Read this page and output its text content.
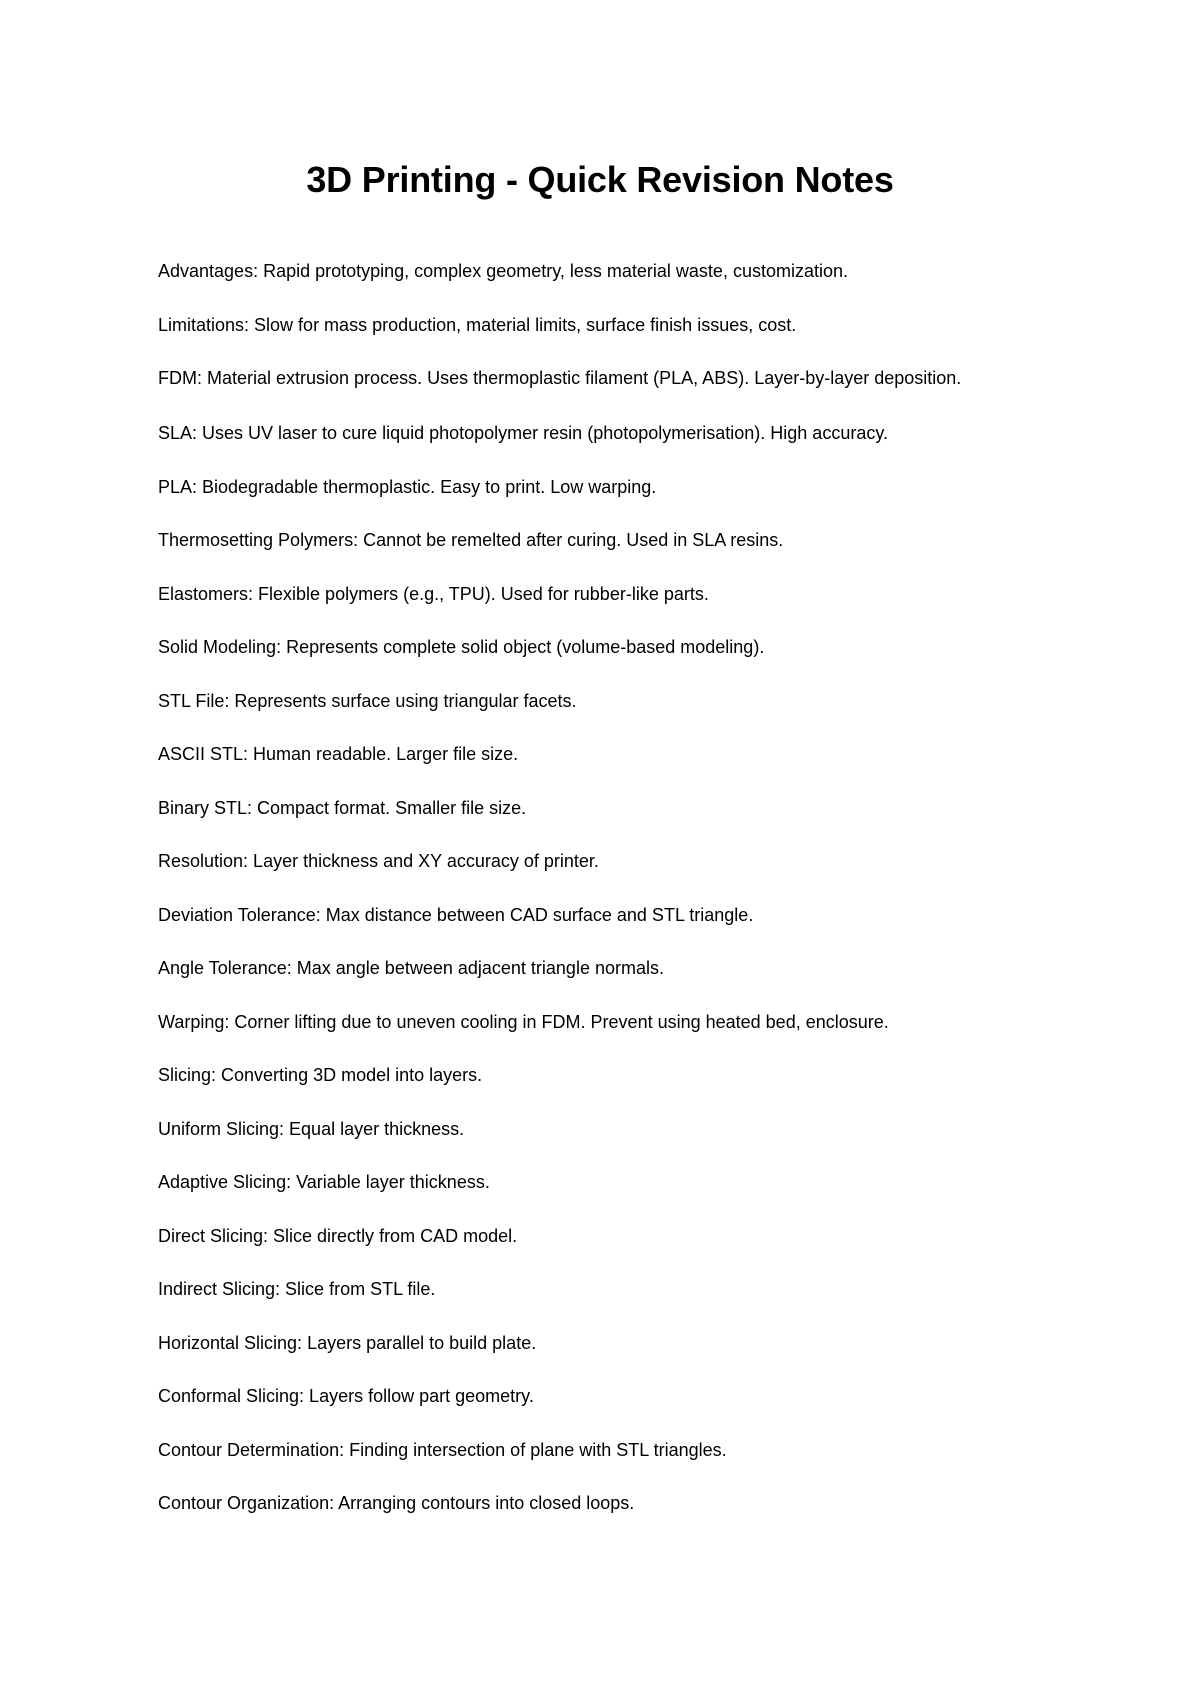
3D Printing - Quick Revision Notes
Advantages: Rapid prototyping, complex geometry, less material waste, customization.
Limitations: Slow for mass production, material limits, surface finish issues, cost.
FDM: Material extrusion process. Uses thermoplastic filament (PLA, ABS). Layer-by-layer deposition.
SLA: Uses UV laser to cure liquid photopolymer resin (photopolymerisation). High accuracy.
PLA: Biodegradable thermoplastic. Easy to print. Low warping.
Thermosetting Polymers: Cannot be remelted after curing. Used in SLA resins.
Elastomers: Flexible polymers (e.g., TPU). Used for rubber-like parts.
Solid Modeling: Represents complete solid object (volume-based modeling).
STL File: Represents surface using triangular facets.
ASCII STL: Human readable. Larger file size.
Binary STL: Compact format. Smaller file size.
Resolution: Layer thickness and XY accuracy of printer.
Deviation Tolerance: Max distance between CAD surface and STL triangle.
Angle Tolerance: Max angle between adjacent triangle normals.
Warping: Corner lifting due to uneven cooling in FDM. Prevent using heated bed, enclosure.
Slicing: Converting 3D model into layers.
Uniform Slicing: Equal layer thickness.
Adaptive Slicing: Variable layer thickness.
Direct Slicing: Slice directly from CAD model.
Indirect Slicing: Slice from STL file.
Horizontal Slicing: Layers parallel to build plate.
Conformal Slicing: Layers follow part geometry.
Contour Determination: Finding intersection of plane with STL triangles.
Contour Organization: Arranging contours into closed loops.
